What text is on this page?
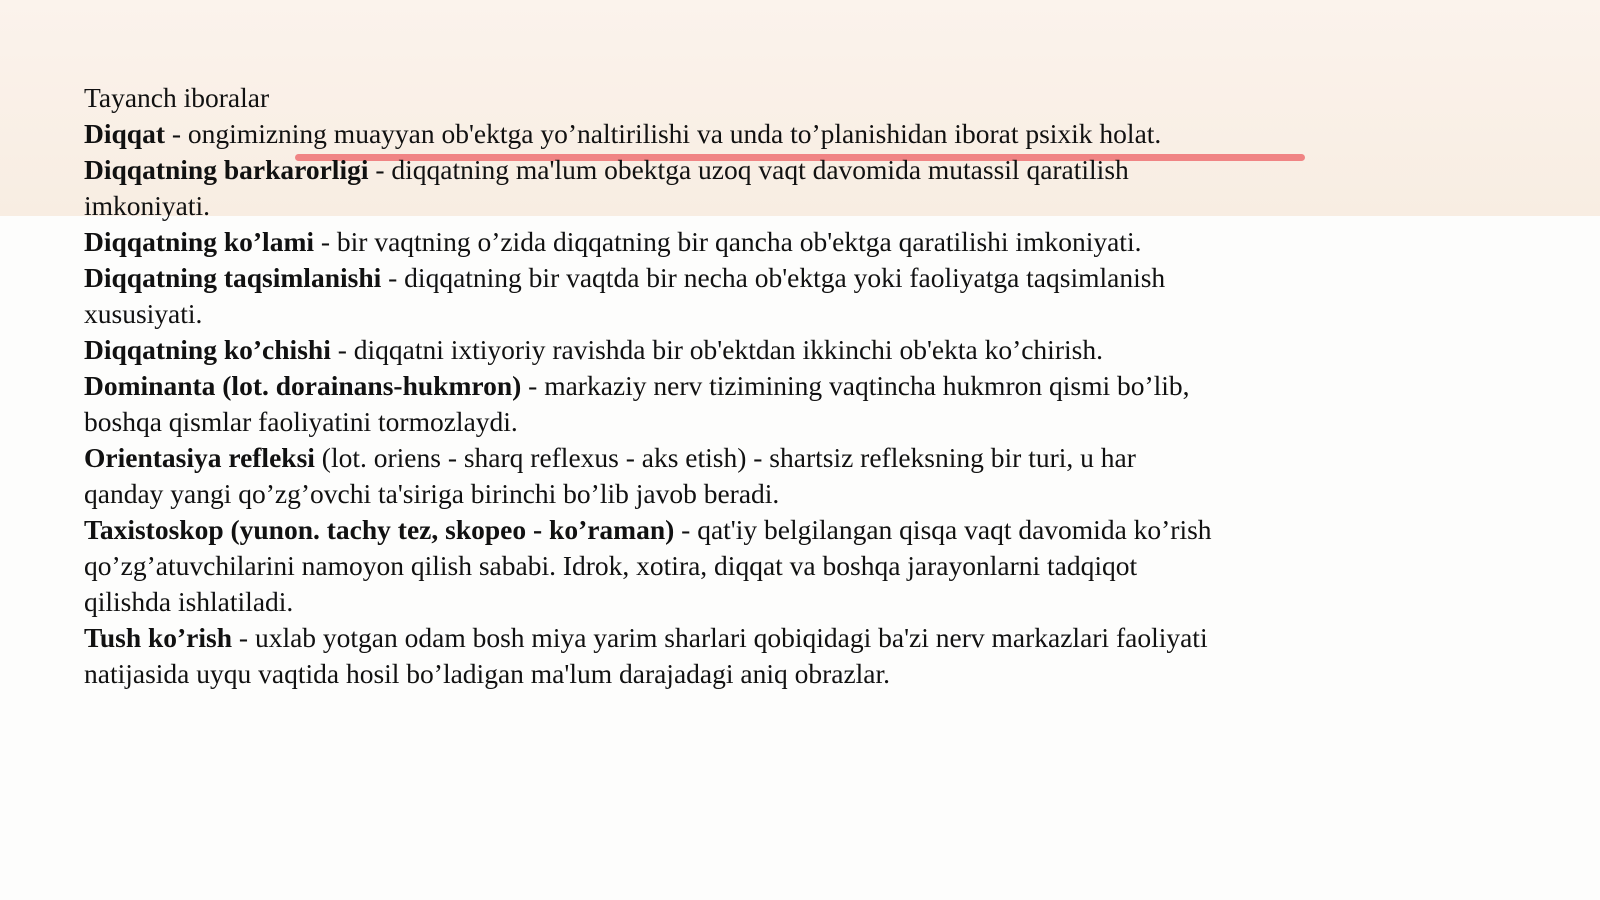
Tayanch iboralar

Diqqat - ongimizning muayyan ob'ektga yo’naltirilishi va unda to’planishidan iborat psixik holat.

Diqqatning barkarorligi - diqqatning ma'lum obektga uzoq vaqt davomida mutassil qaratilish imkoniyati.

Diqqatning ko’lami - bir vaqtning o’zida diqqatning bir qancha ob'ektga qaratilishi imkoniyati.

Diqqatning taqsimlanishi - diqqatning bir vaqtda bir necha ob'ektga yoki faoliyatga taqsimlanish xususiyati.

Diqqatning ko’chishi - diqqatni ixtiyoriy ravishda bir ob'ektdan ikkinchi ob'ekta ko’chirish.

Dominanta (lot. dorainans-hukmron) - markaziy nerv tizimining vaqtincha hukmron qismi bo’lib, boshqa qismlar faoliyatini tormozlaydi.

Orientasiya refleksi (lot. oriens - sharq reflexus - aks etish) - shartsiz refleksning bir turi, u har qanday yangi qo’zg’ovchi ta'siriga birinchi bo’lib javob beradi.

Taxistoskop (yunon. tachy tez, skopeo - ko’raman) - qat'iy belgilangan qisqa vaqt davomida ko’rish qo’zg’atuvchilarini namoyon qilish sababi. Idrok, xotira, diqqat va boshqa jarayonlarni tadqiqot qilishda ishlatiladi.

Tush ko’rish - uxlab yotgan odam bosh miya yarim sharlari qobiqidagi ba'zi nerv markazlari faoliyati natijasida uyqu vaqtida hosil bo’ladigan ma'lum darajadagi aniq obrazlar.
